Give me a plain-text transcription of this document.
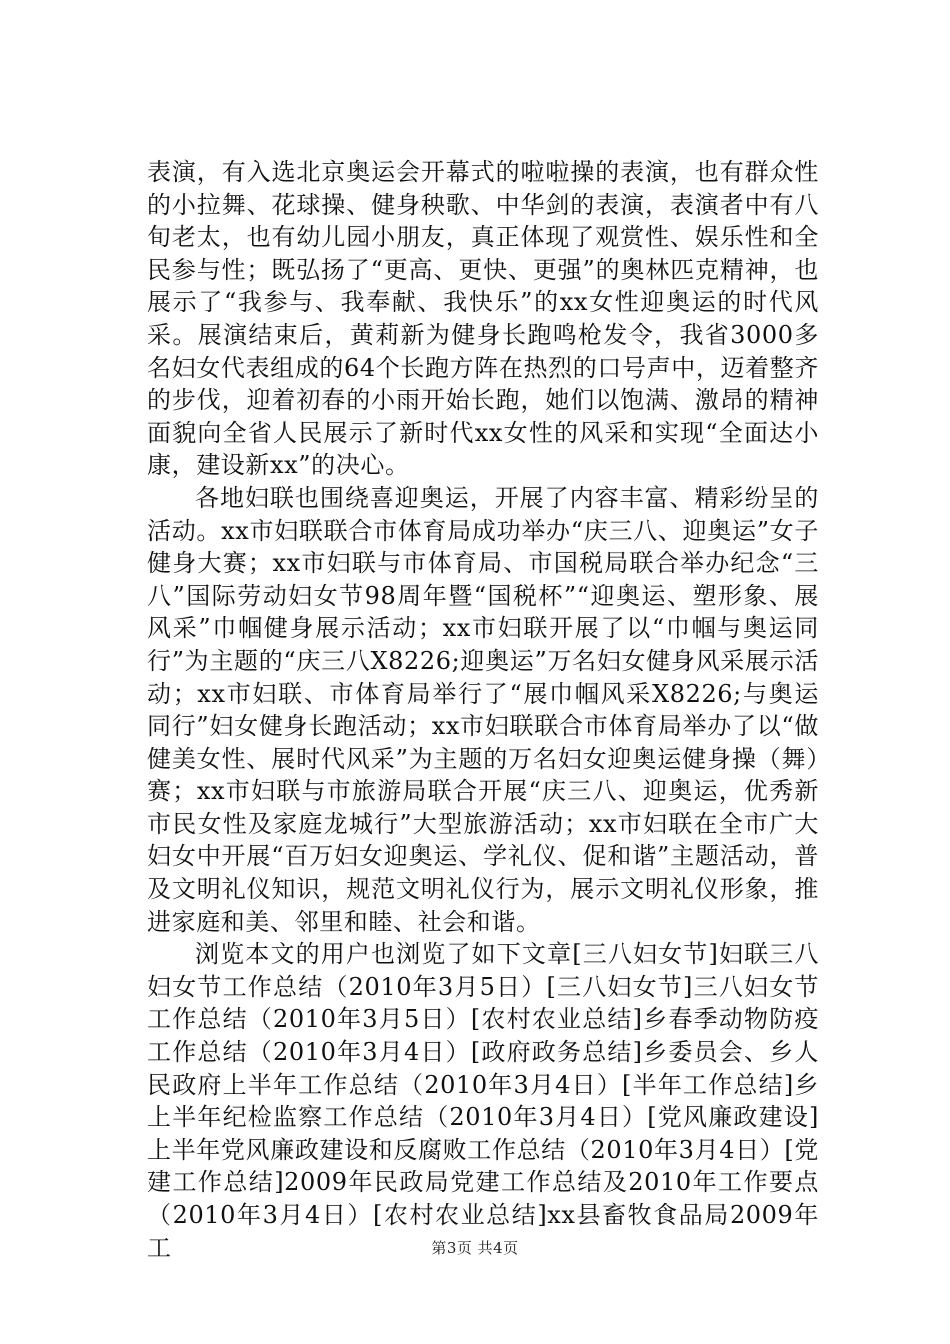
表演，有入选北京奥运会开幕式的啦啦操的表演，也有群众性的小拉舞、花球操、健身秧歌、中华剑的表演，表演者中有八旬老太，也有幼儿园小朋友，真正体现了观赏性、娱乐性和全民参与性；既弘扬了“更高、更快、更强”的奥林匹克精神，也展示了“我参与、我奉献、我快乐”的xx女性迎奥运的时代风采。展演结束后，黄莉新为健身长跑鸣枪发令，我省3000多名妇女代表组成的64个长跑方阵在热烈的口号声中，迈着整齐的步伐，迎着初春的小雨开始长跑，她们以饱满、激昂的精神面貌向全省人民展示了新时代xx女性的风采和实现“全面达小康，建设新xx”的决心。

各地妇联也围绕喜迎奥运，开展了内容丰富、精彩纷呈的活动。xx市妇联联合市体育局成功举办“庆三八、迎奥运”女子健身大赛；xx市妇联与市体育局、市国税局联合举办纪念“三八”国际劳动妇女节98周年暨“国税杯”“迎奥运、塑形象、展风采”巾帼健身展示活动；xx市妇联开展了以“巾帼与奥运同行”为主题的“庆三八X8226;迎奥运”万名妇女健身风采展示活动；xx市妇联、市体育局举行了“展巾帼风采X8226;与奥运同行”妇女健身长跑活动；xx市妇联联合市体育局举办了以“做健美女性、展时代风采”为主题的万名妇女迎奥运健身操（舞）赛；xx市妇联与市旅游局联合开展“庆三八、迎奥运，优秀新市民女性及家庭龙城行”大型旅游活动；xx市妇联在全市广大妇女中开展“百万妇女迎奥运、学礼仪、促和谐”主题活动，普及文明礼仪知识，规范文明礼仪行为，展示文明礼仪形象，推进家庭和美、邻里和睦、社会和谐。

浏览本文的用户也浏览了如下文章[三八妇女节]妇联三八妇女节工作总结（2010年3月5日）[三八妇女节]三八妇女节工作总结（2010年3月5日）[农村农业总结]乡春季动物防疫工作总结（2010年3月4日）[政府政务总结]乡委员会、乡人民政府上半年工作总结（2010年3月4日）[半年工作总结]乡上半年纪检监察工作总结（2010年3月4日）[党风廉政建设]上半年党风廉政建设和反腐败工作总结（2010年3月4日）[党建工作总结]2009年民政局党建工作总结及2010年工作要点（2010年3月4日）[农村农业总结]xx县畜牧食品局2009年工	第3页 共4页
